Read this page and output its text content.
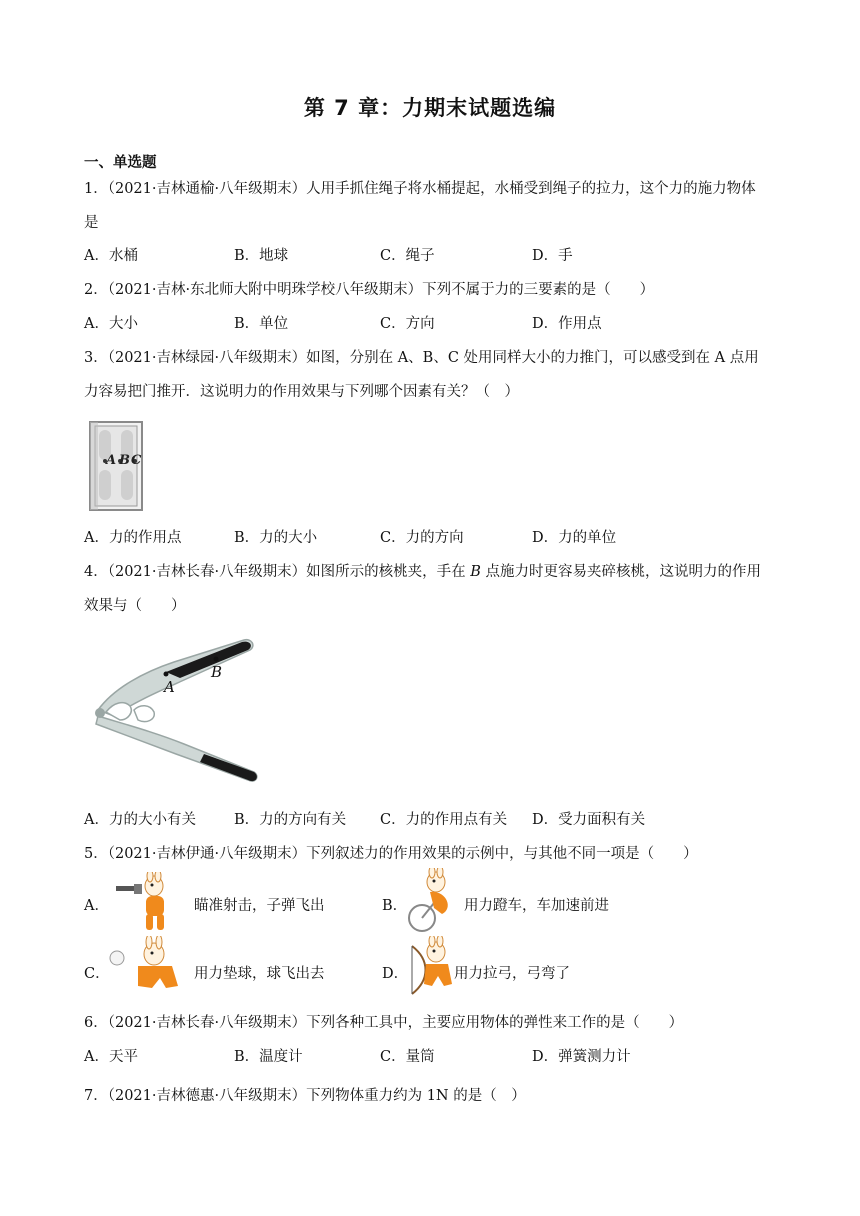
第 7 章：力期末试题选编
一、单选题
1．（2021·吉林通榆·八年级期末）人用手抓住绳子将水桶提起，水桶受到绳子的拉力，这个力的施力物体
是
A．水桶	B．地球	C．绳子	D．手
2．（2021·吉林·东北师大附中明珠学校八年级期末）下列不属于力的三要素的是（　　）
A．大小	B．单位	C．方向	D．作用点
3．（2021·吉林绿园·八年级期末）如图，分别在 A、B、C 处用同样大小的力推门，可以感受到在 A 点用
力容易把门推开．这说明力的作用效果与下列哪个因素有关？（　）
A B C
A．力的作用点	B．力的大小	C．力的方向	D．力的单位
4．（2021·吉林长春·八年级期末）如图所示的核桃夹，手在 B 点施力时更容易夹碎核桃，这说明力的作用
效果与（　　）
A
B
A．力的大小有关	B．力的方向有关 C．力的作用点有关 D．受力面积有关
5．（2021·吉林伊通·八年级期末）下列叙述力的作用效果的示例中，与其他不同一项是（　　）
A．	瞄准射击，子弹飞出	B．	用力蹬车，车加速前进
C．	用力垫球，球飞出去	D．	用力拉弓，弓弯了
6．（2021·吉林长春·八年级期末）下列各种工具中，主要应用物体的弹性来工作的是（　　）
A．天平	B．温度计	C．量筒	D．弹簧测力计
7．（2021·吉林德惠·八年级期末）下列物体重力约为 1N 的是（　）
